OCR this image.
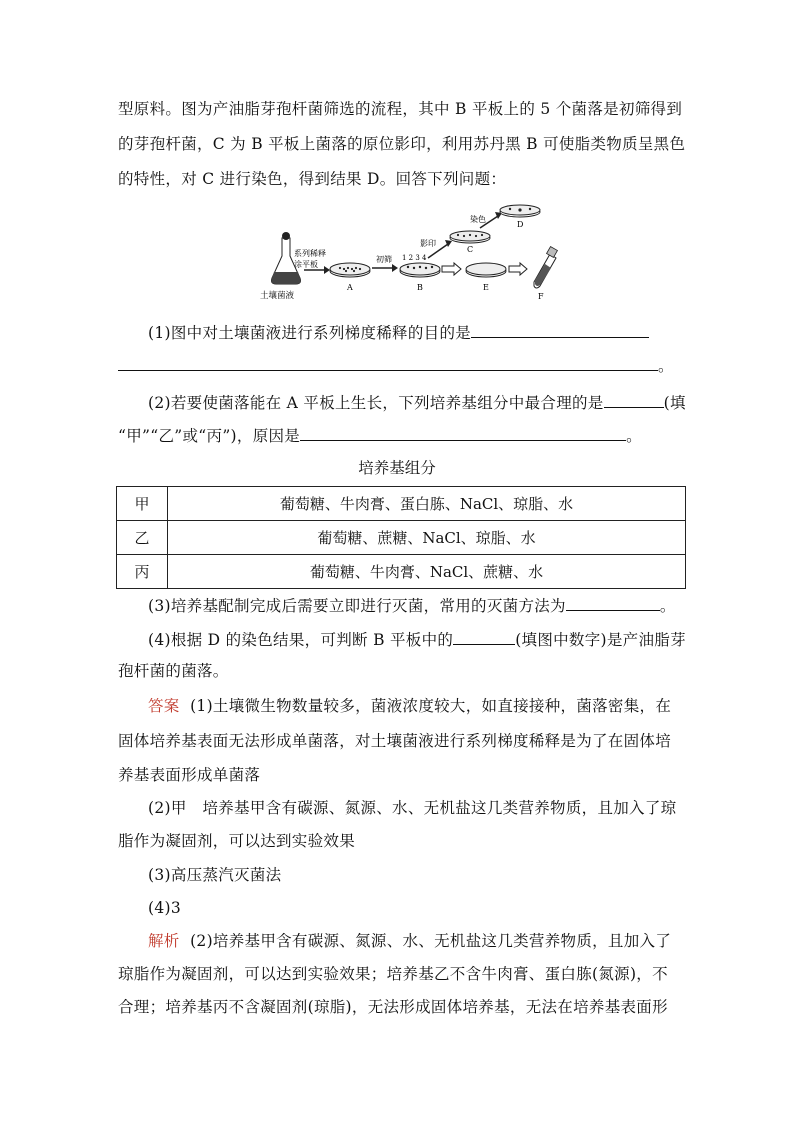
型原料。图为产油脂芽孢杆菌筛选的流程，其中 B 平板上的 5 个菌落是初筛得到
的芽孢杆菌，C 为 B 平板上菌落的原位影印，利用苏丹黑 B 可使脂类物质呈黑色
的特性，对 C 进行染色，得到结果 D。回答下列问题：
系列稀释
涂平板
土壤菌液
A
初筛 1 2 3 4
B
影印
C
染色
D
E
F
(1)图中对土壤菌液进行系列梯度稀释的目的是
。
(2)若要使菌落能在 A 平板上生长，下列培养基组分中最合理的是	(填
“甲”“乙”或“丙”)，原因是	。
培养基组分
甲	葡萄糖、牛肉膏、蛋白胨、NaCl、琼脂、水
乙	葡萄糖、蔗糖、NaCl、琼脂、水
丙	葡萄糖、牛肉膏、NaCl、蔗糖、水
(3)培养基配制完成后需要立即进行灭菌，常用的灭菌方法为	。
(4)根据 D 的染色结果，可判断 B 平板中的	(填图中数字)是产油脂芽
孢杆菌的菌落。
答案 (1)土壤微生物数量较多，菌液浓度较大，如直接接种，菌落密集，在
固体培养基表面无法形成单菌落，对土壤菌液进行系列梯度稀释是为了在固体培
养基表面形成单菌落
(2)甲　培养基甲含有碳源、氮源、水、无机盐这几类营养物质，且加入了琼
脂作为凝固剂，可以达到实验效果
(3)高压蒸汽灭菌法
(4)3
解析 (2)培养基甲含有碳源、氮源、水、无机盐这几类营养物质，且加入了
琼脂作为凝固剂，可以达到实验效果；培养基乙不含牛肉膏、蛋白胨(氮源)，不
合理；培养基丙不含凝固剂(琼脂)，无法形成固体培养基，无法在培养基表面形
